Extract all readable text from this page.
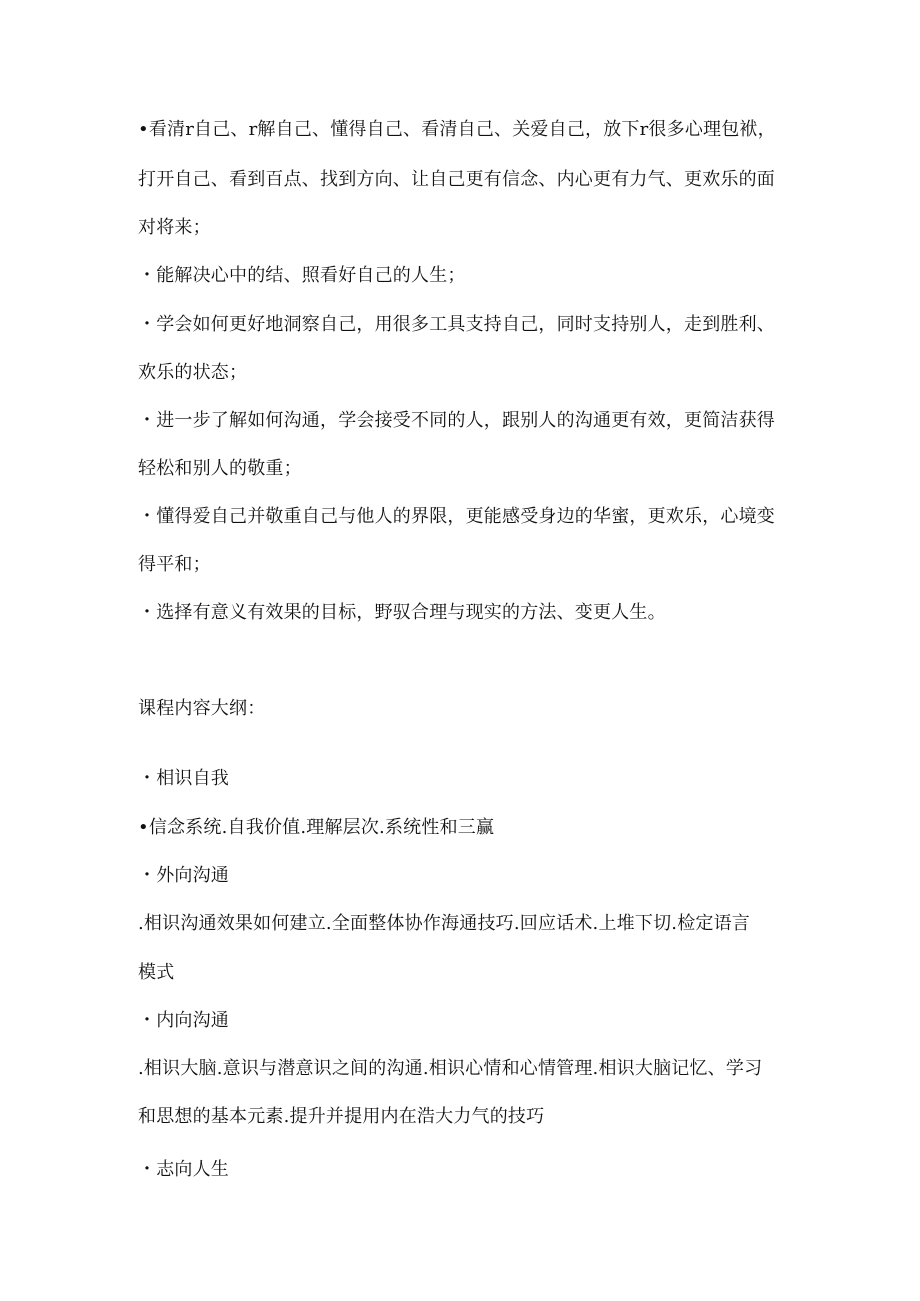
•看清r自己、r解自己、懂得自己、看清自己、关爱自己，放下r很多心理包袱，
打开自己、看到百点、找到方向、让自己更有信念、内心更有力气、更欢乐的面
对将来；
・能解决心中的结、照看好自己的人生；
・学会如何更好地洞察自己，用很多工具支持自己，同时支持别人，走到胜利、
欢乐的状态；
・进一步了解如何沟通，学会接受不同的人，跟别人的沟通更有效，更简洁获得
轻松和别人的敬重；
・懂得爱自己并敬重自己与他人的界限，更能感受身边的华蜜，更欢乐，心境变
得平和；
・选择有意义有效果的目标，野驭合理与现实的方法、变更人生。
课程内容大纲：
・相识自我
•信念系统.自我价值.理解层次.系统性和三赢
・外向沟通
.相识沟通效果如何建立.全面整体协作海通技巧.回应话术.上堆下切.检定语言
模式
・内向沟通
.相识大脑.意识与潜意识之间的沟通.相识心情和心情管理.相识大脑记忆、学习
和思想的基本元素.提升并提用内在浩大力气的技巧
・志向人生
